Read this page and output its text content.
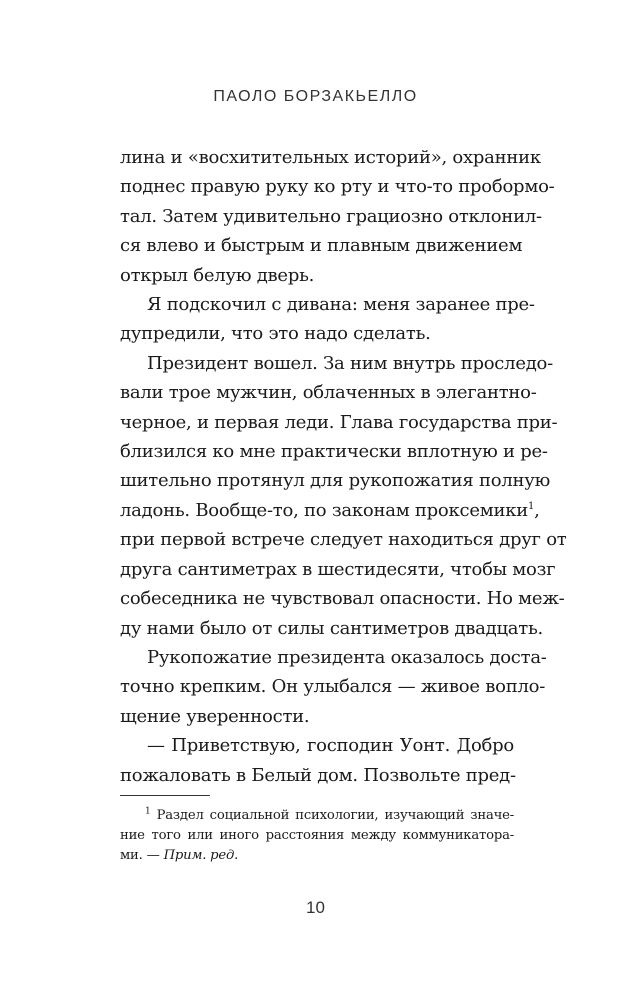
ПАОЛО БОРЗАКЬЕЛЛО
лина и «восхитительных историй», охранник
поднес правую руку ко рту и что-то пробормо-
тал. Затем удивительно грациозно отклонил-
ся влево и быстрым и плавным движением
открыл белую дверь.
Я подскочил с дивана: меня заранее пре-
дупредили, что это надо сделать.
Президент вошел. За ним внутрь проследо-
вали трое мужчин, облаченных в элегантно-
черное, и первая леди. Глава государства при-
близился ко мне практически вплотную и ре-
шительно протянул для рукопожатия полную
ладонь. Вообще-то, по законам проксемики$^1$,
при первой встрече следует находиться друг от
друга сантиметрах в шестидесяти, чтобы мозг
собеседника не чувствовал опасности. Но меж-
ду нами было от силы сантиметров двадцать.
Рукопожатие президента оказалось доста-
точно крепким. Он улыбался — живое вопло-
щение уверенности.
— Приветствую, господин Уонт. Добро
пожаловать в Белый дом. Позвольте пред-
$^1$ Раздел социальной психологии, изучающий значе-
ние того или иного расстояния между коммуникатора-
ми. — Прим. ред.
10
